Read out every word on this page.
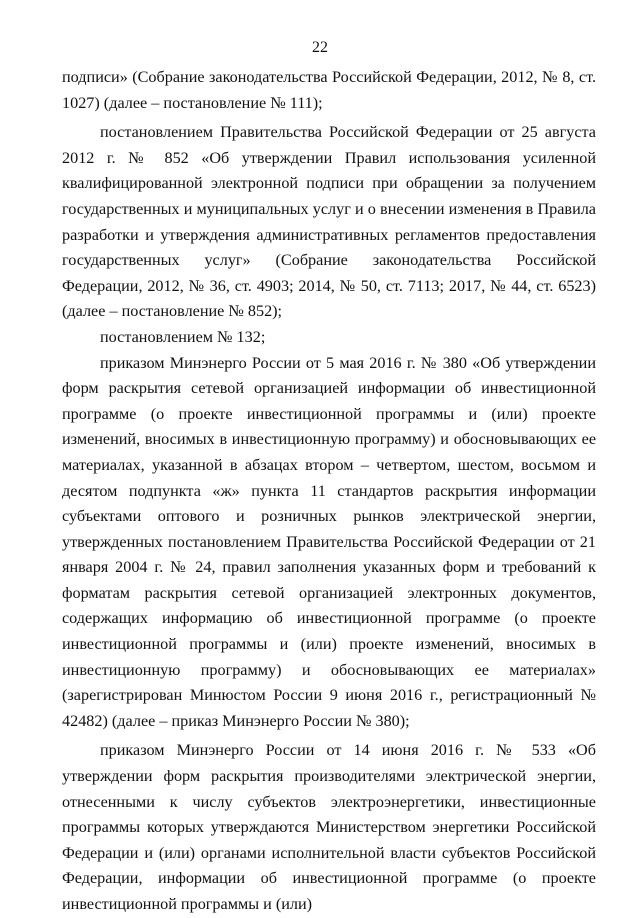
22

подписи» (Собрание законодательства Российской Федерации, 2012, № 8, ст. 1027) (далее – постановление № 111);

постановлением Правительства Российской Федерации от 25 августа 2012 г. № 852 «Об утверждении Правил использования усиленной квалифицированной электронной подписи при обращении за получением государственных и муниципальных услуг и о внесении изменения в Правила разработки и утверждения административных регламентов предоставления государственных услуг» (Собрание законодательства Российской Федерации, 2012, № 36, ст. 4903; 2014, № 50, ст. 7113; 2017, № 44, ст. 6523) (далее – постановление № 852);

постановлением № 132;

приказом Минэнерго России от 5 мая 2016 г. № 380 «Об утверждении форм раскрытия сетевой организацией информации об инвестиционной программе (о проекте инвестиционной программы и (или) проекте изменений, вносимых в инвестиционную программу) и обосновывающих ее материалах, указанной в абзацах втором – четвертом, шестом, восьмом и десятом подпункта «ж» пункта 11 стандартов раскрытия информации субъектами оптового и розничных рынков электрической энергии, утвержденных постановлением Правительства Российской Федерации от 21 января 2004 г. № 24, правил заполнения указанных форм и требований к форматам раскрытия сетевой организацией электронных документов, содержащих информацию об инвестиционной программе (о проекте инвестиционной программы и (или) проекте изменений, вносимых в инвестиционную программу) и обосновывающих ее материалах» (зарегистрирован Минюстом России 9 июня 2016 г., регистрационный № 42482) (далее – приказ Минэнерго России № 380);

приказом Минэнерго России от 14 июня 2016 г. № 533 «Об утверждении форм раскрытия производителями электрической энергии, отнесенными к числу субъектов электроэнергетики, инвестиционные программы которых утверждаются Министерством энергетики Российской Федерации и (или) органами исполнительной власти субъектов Российской Федерации, информации об инвестиционной программе (о проекте инвестиционной программы и (или)
